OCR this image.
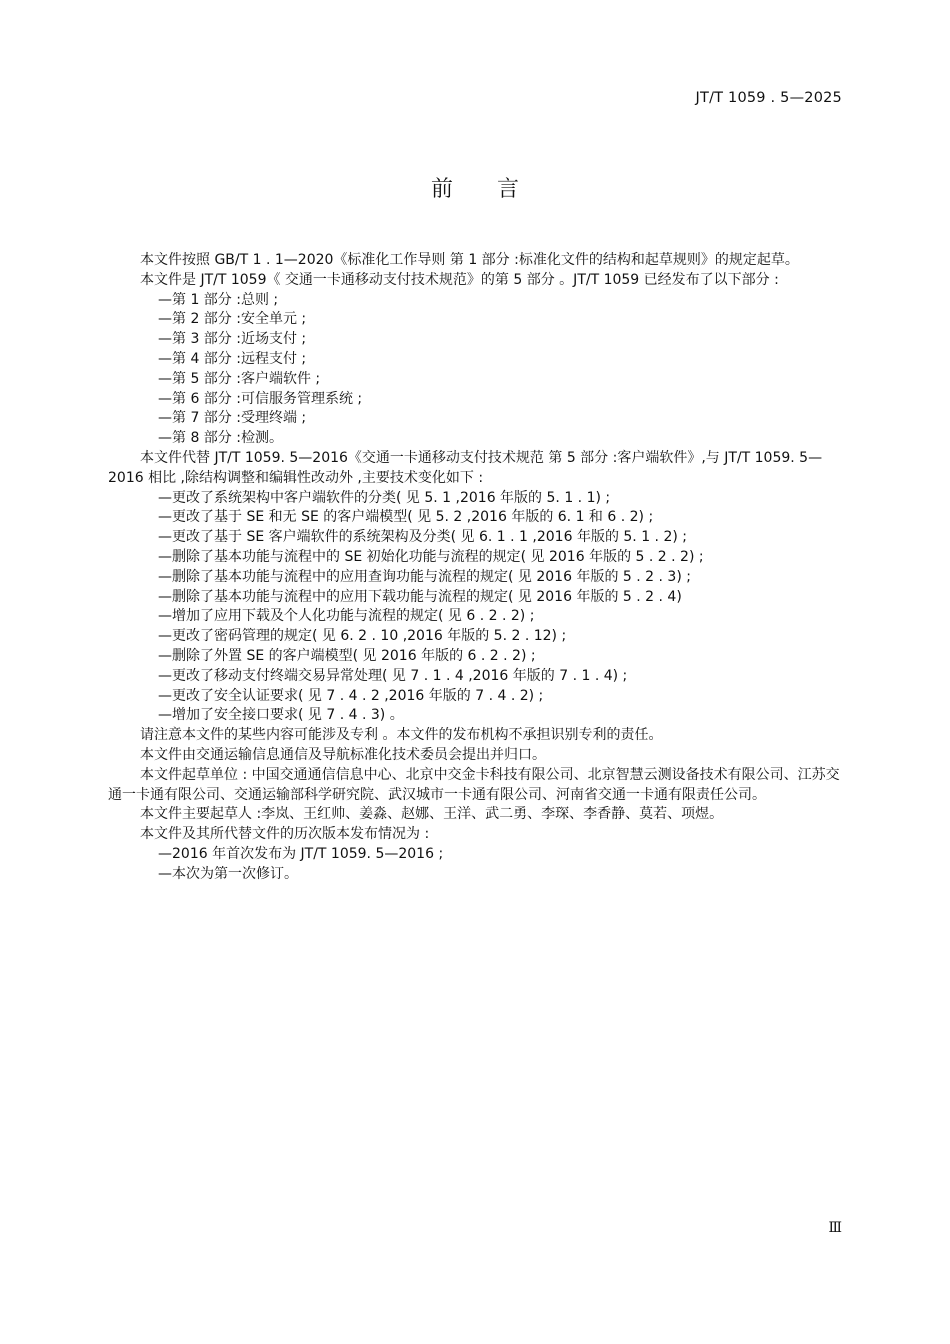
JT/T 1059 . 5—2025
前言

本文件按照 GB/T 1 . 1—2020《标准化工作导则 第 1 部分 :标准化文件的结构和起草规则》的规定起草。

本文件是 JT/T 1059《 交通一卡通移动支付技术规范》的第 5 部分 。JT/T 1059 已经发布了以下部分 :

—第 1 部分 :总则 ;

—第 2 部分 :安全单元 ;

—第 3 部分 :近场支付 ;

—第 4 部分 :远程支付 ;

—第 5 部分 :客户端软件 ;

—第 6 部分 :可信服务管理系统 ;

—第 7 部分 :受理终端 ;

—第 8 部分 :检测。

本文件代替 JT/T 1059. 5—2016《交通一卡通移动支付技术规范 第 5 部分 :客户端软件》,与 JT/T 1059. 5—2016 相比 ,除结构调整和编辑性改动外 ,主要技术变化如下 :

—更改了系统架构中客户端软件的分类( 见 5. 1 ,2016 年版的 5. 1 . 1) ;

—更改了基于 SE 和无 SE 的客户端模型( 见 5. 2 ,2016 年版的 6. 1 和 6 . 2) ;

—更改了基于 SE 客户端软件的系统架构及分类( 见 6. 1 . 1 ,2016 年版的 5. 1 . 2) ;

—删除了基本功能与流程中的 SE 初始化功能与流程的规定( 见 2016 年版的 5 . 2 . 2) ;

—删除了基本功能与流程中的应用查询功能与流程的规定( 见 2016 年版的 5 . 2 . 3) ;

—删除了基本功能与流程中的应用下载功能与流程的规定( 见 2016 年版的 5 . 2 . 4)

—增加了应用下载及个人化功能与流程的规定( 见 6 . 2 . 2) ;

—更改了密码管理的规定( 见 6. 2 . 10 ,2016 年版的 5. 2 . 12) ;

—删除了外置 SE 的客户端模型( 见 2016 年版的 6 . 2 . 2) ;

—更改了移动支付终端交易异常处理( 见 7 . 1 . 4 ,2016 年版的 7 . 1 . 4) ;

—更改了安全认证要求( 见 7 . 4 . 2 ,2016 年版的 7 . 4 . 2) ;

—增加了安全接口要求( 见 7 . 4 . 3) 。

请注意本文件的某些内容可能涉及专利 。本文件的发布机构不承担识别专利的责任。

本文件由交通运输信息通信及导航标准化技术委员会提出并归口。

本文件起草单位 : 中国交通通信信息中心、北京中交金卡科技有限公司、北京智慧云测设备技术有限公司、江苏交通一卡通有限公司、交通运输部科学研究院、武汉城市一卡通有限公司、河南省交通一卡通有限责任公司。

本文件主要起草人 :李岚、王红帅、姜淼、赵娜、王洋、武二勇、李琛、李香静、莫若、项煜。

本文件及其所代替文件的历次版本发布情况为 :

—2016 年首次发布为 JT/T 1059. 5—2016 ;

—本次为第一次修订。

Ⅲ
